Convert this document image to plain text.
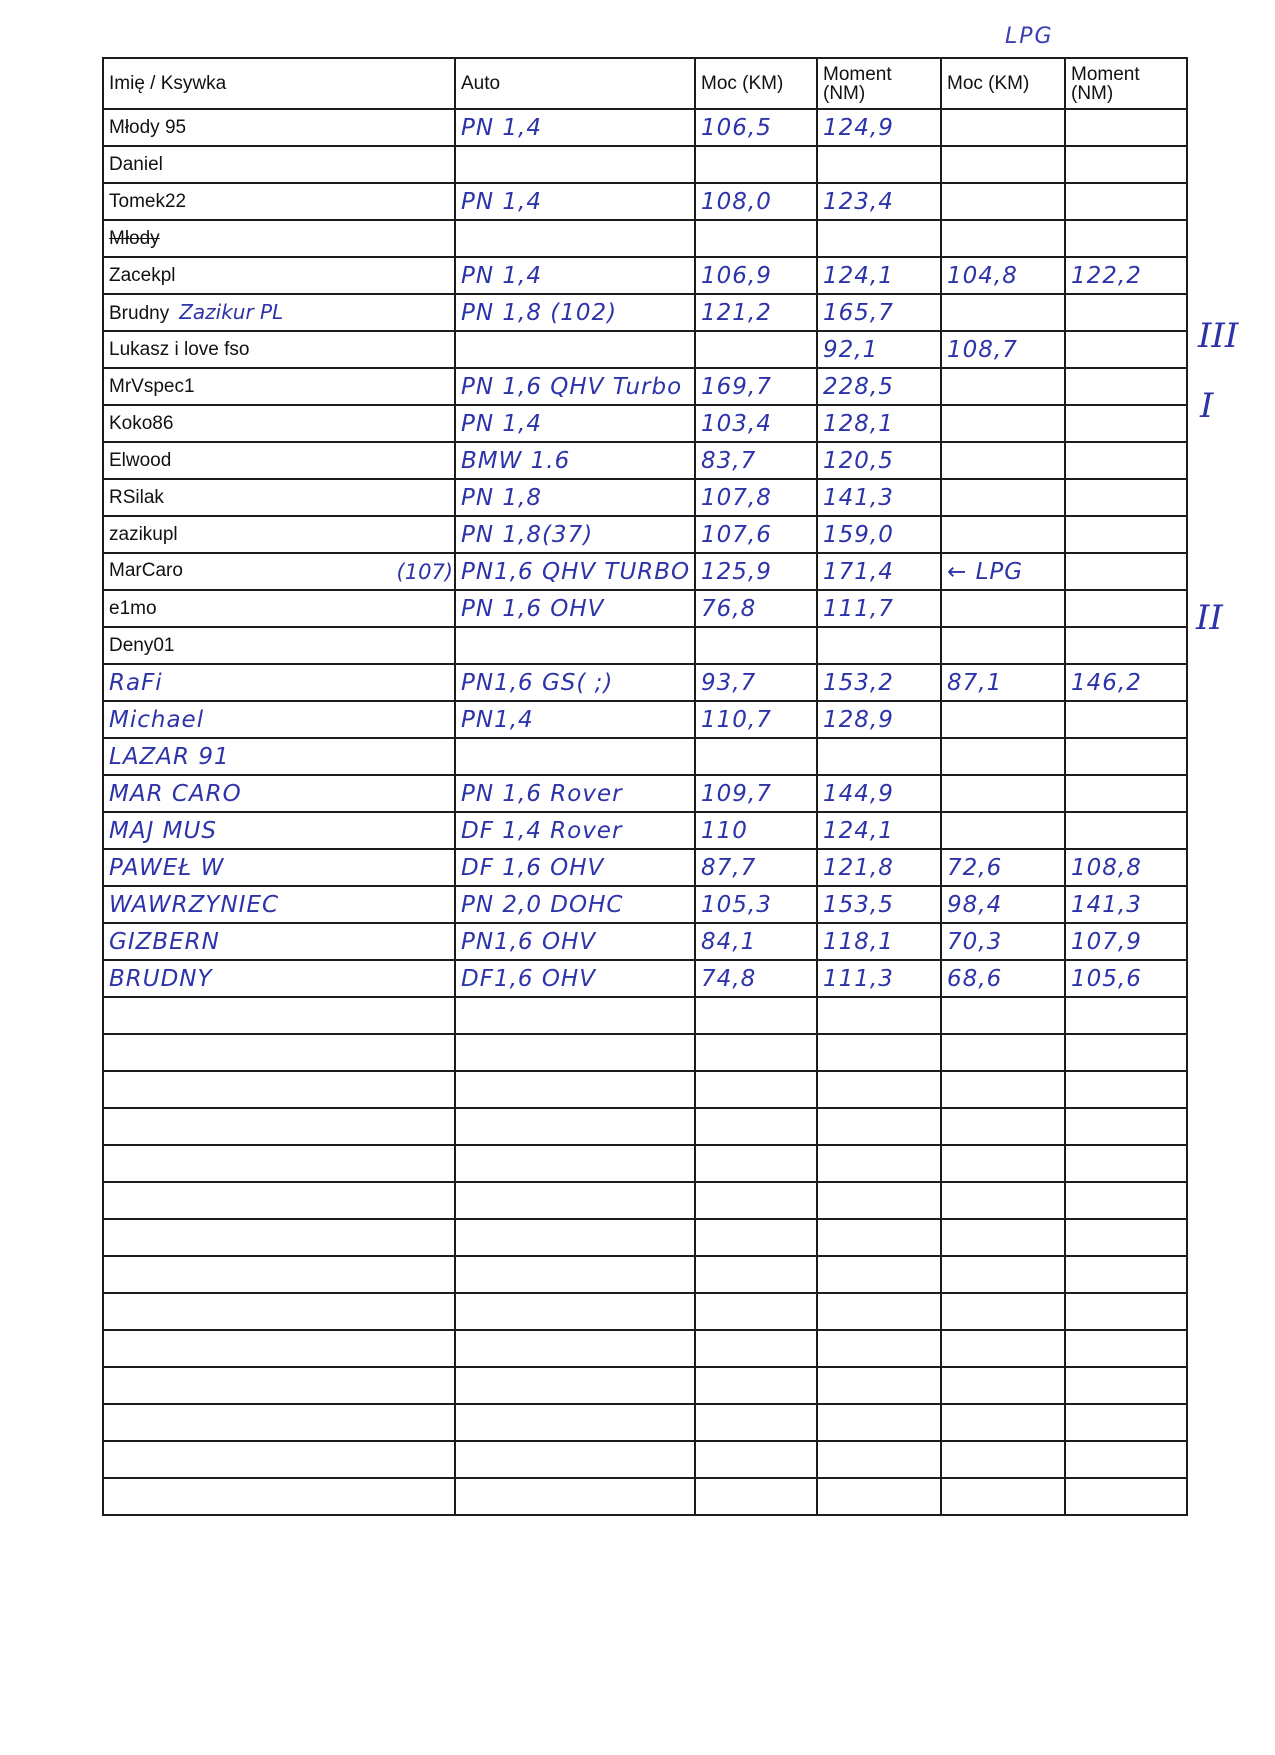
LPG
Imię / Ksywka	Auto	Moc (KM)	Moment (NM)	Moc (KM)	Moment (NM)
Młody 95	PN 1,4	106,5	124,9		
Daniel					
Tomek22	PN 1,4	108,0	123,4		
Młody					
Zacekpl	PN 1,4	106,9	124,1	104,8	122,2
Brudny Zazikur PL	PN 1,8 (102)	121,2	165,7		
Lukasz i love fso			92,1	108,7	
MrVspec1	PN 1,6 QHV Turbo	169,7	228,5		
Koko86	PN 1,4	103,4	128,1		
Elwood	BMW 1.6	83,7	120,5		
RSilak	PN 1,8	107,8	141,3		
zazikupl	PN 1,8(37)	107,6	159,0		
MarCaro (107)	PN1,6 QHV TURBO	125,9	171,4	← LPG	
e1mo	PN 1,6 OHV	76,8	111,7		
Deny01					
RaFi	PN1,6 GS( ;)	93,7	153,2	87,1	146,2
Michael	PN1,4	110,7	128,9		
LAZAR 91					
MAR CARO	PN 1,6 Rover	109,7	144,9		
MAJ MUS	DF 1,4 Rover	110	124,1		
PAWEŁ W	DF 1,6 OHV	87,7	121,8	72,6	108,8
WAWRZYNIEC	PN 2,0 DOHC	105,3	153,5	98,4	141,3
GIZBERN	PN1,6 OHV	84,1	118,1	70,3	107,9
BRUDNY	DF1,6 OHV	74,8	111,3	68,6	105,6

III
I
II
